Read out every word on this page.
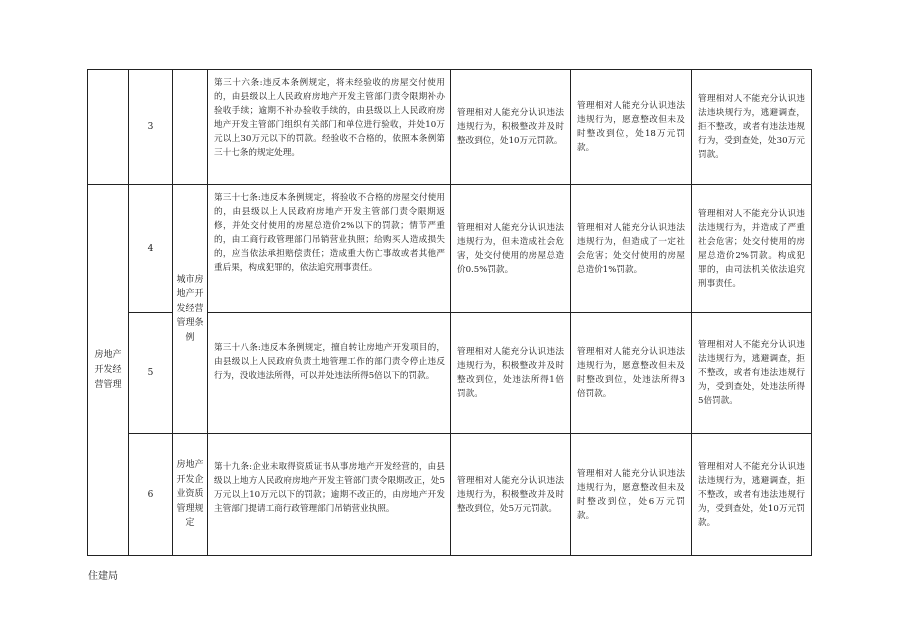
	3		第三十六条:违反本条例规定，将未经验收的房屋交付使用的，由县级以上人民政府房地产开发主管部门责令限期补办验收手续；逾期不补办验收手续的，由县级以上人民政府房地产开发主管部门组织有关部门和单位进行验收，并处10万元以上30万元以下的罚款。经验收不合格的，依照本条例第三十七条的规定处理。	管理相对人能充分认识违法违规行为，积极整改并及时整改到位，处10万元罚款。	管理相对人能充分认识违法违规行为，愿意整改但未及时整改到位，处18万元罚款。	管理相对人不能充分认识违法违块规行为，逃避调查，拒不整改，或者有违法违规行为，受到查处，处30万元罚款。
房地产开发经营管理	4	城市房地产开发经营管理条例	第三十七条:违反本条例规定，将验收不合格的房屋交付使用的，由县级以上人民政府房地产开发主管部门责令限期返修，并处交付使用的房屋总造价2%以下的罚款；情节严重的，由工商行政管理部门吊销营业执照；给购买人造成损失的，应当依法承担赔偿责任；造成重大伤亡事故或者其他严重后果，构成犯罪的，依法追究刑事责任。	管理相对人能充分认识违法违规行为，但未造成社会危害，处交付使用的房屋总造价0.5%罚款。	管理相对人能充分认识违法违规行为，但造成了一定社会危害；处交付使用的房屋总造价1%罚款。	管理相对人不能充分认识违法违规行为，并造成了严重社会危害；处交付使用的房屋总造价2%罚款。构成犯罪的，由司法机关依法追究刑事责任。
	5		第三十八条:违反本条例规定，擅自转让房地产开发项目的，由县级以上人民政府负责土地管理工作的部门责令停止违反行为，没收违法所得，可以并处违法所得5倍以下的罚款。	管理相对人能充分认识违法违规行为，积极整改并及时整改到位，处违法所得1倍罚款。	管理相对人能充分认识违法违规行为，愿意整改但未及时整改到位，处违法所得3倍罚款。	管理相对人不能充分认识违法违规行为，逃避调查，拒不整改，或者有违法违规行为，受到查处，处违法所得5倍罚款。
	6	房地产开发企业资质管理规定	第十九条:企业未取得资质证书从事房地产开发经营的，由县级以上地方人民政府房地产开发主管部门责令限期改正，处5万元以上10万元以下的罚款；逾期不改正的，由房地产开发主管部门提请工商行政管理部门吊销营业执照。	管理相对人能充分认识违法违规行为，积极整改并及时整改到位，处5万元罚款。	管理相对人能充分认识违法违规行为，愿意整改但未及时整改到位，处6万元罚款。	管理相对人不能充分认识违法违规行为，逃避调查，拒不整改，或者有违法违规行为，受到查处，处10万元罚款。
住建局
